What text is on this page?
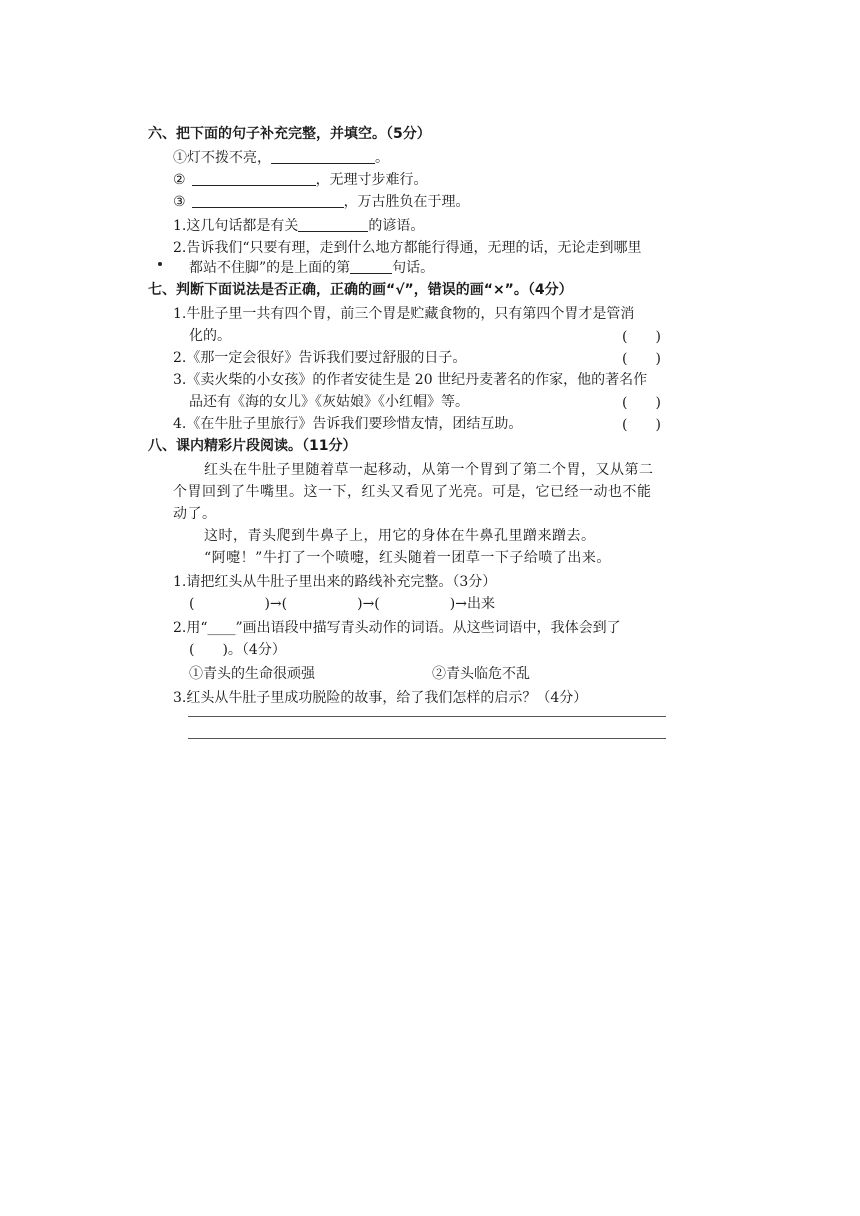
六、把下面的句子补充完整，并填空。（5分）
①灯不拨不亮，	。
②	，无理寸步难行。
③	，万古胜负在于理。
1.这几句话都是有关	的谚语。
2.告诉我们“只要有理，走到什么地方都能行得通，无理的话，无论走到哪里
都站不住脚”的是上面的第	句话。
七、判断下面说法是否正确，正确的画“√”，错误的画“×”。（4分）
1.牛肚子里一共有四个胃，前三个胃是贮藏食物的，只有第四个胃才是管消
化的。	(　　)
2.《那一定会很好》告诉我们要过舒服的日子。	(　　)
3.《卖火柴的小女孩》的作者安徒生是 20 世纪丹麦著名的作家，他的著名作
品还有《海的女儿》《灰姑娘》《小红帽》等。	(　　)
4.《在牛肚子里旅行》告诉我们要珍惜友情，团结互助。	(　　)
八、课内精彩片段阅读。（11分）
红头在牛肚子里随着草一起移动，从第一个胃到了第二个胃，又从第二
个胃回到了牛嘴里。这一下，红头又看见了光亮。可是，它已经一动也不能
动了。
这时，青头爬到牛鼻子上，用它的身体在牛鼻孔里蹭来蹭去。
“阿嚏！”牛打了一个喷嚏，红头随着一团草一下子给喷了出来。
1.请把红头从牛肚子里出来的路线补充完整。（3分）
(　　　　　)→(　　　　　)→(　　　　　)→出来
2.用“____”画出语段中描写青头动作的词语。从这些词语中，我体会到了
(　　)。（4分）
①青头的生命很顽强	②青头临危不乱
3.红头从牛肚子里成功脱险的故事，给了我们怎样的启示？（4分）
